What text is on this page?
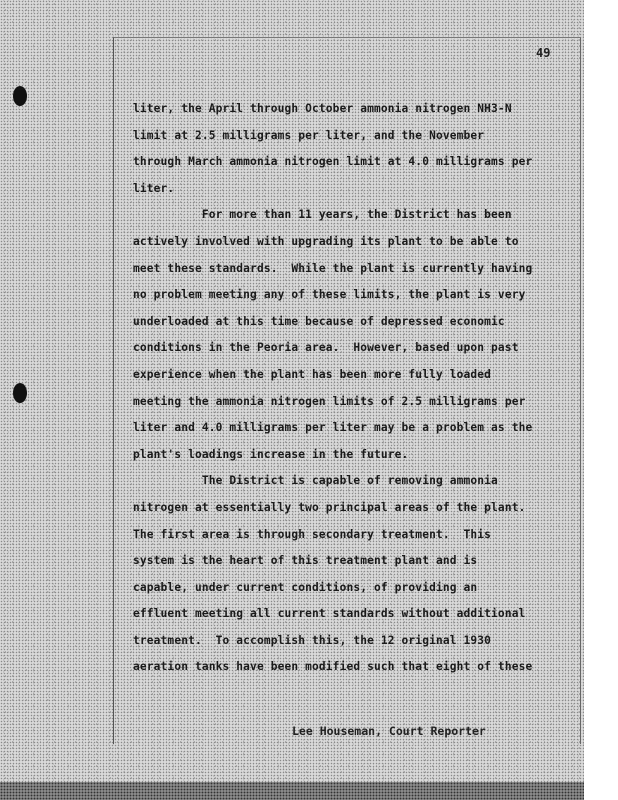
49
liter, the April through October ammonia nitrogen NH3-N
limit at 2.5 milligrams per liter, and the November
through March ammonia nitrogen limit at 4.0 milligrams per
liter.
For more than 11 years, the District has been
actively involved with upgrading its plant to be able to
meet these standards.  While the plant is currently having
no problem meeting any of these limits, the plant is very
underloaded at this time because of depressed economic
conditions in the Peoria area.  However, based upon past
experience when the plant has been more fully loaded
meeting the ammonia nitrogen limits of 2.5 milligrams per
liter and 4.0 milligrams per liter may be a problem as the
plant's loadings increase in the future.
The District is capable of removing ammonia
nitrogen at essentially two principal areas of the plant.
The first area is through secondary treatment.  This
system is the heart of this treatment plant and is
capable, under current conditions, of providing an
effluent meeting all current standards without additional
treatment.  To accomplish this, the 12 original 1930
aeration tanks have been modified such that eight of these
Lee Houseman, Court Reporter
